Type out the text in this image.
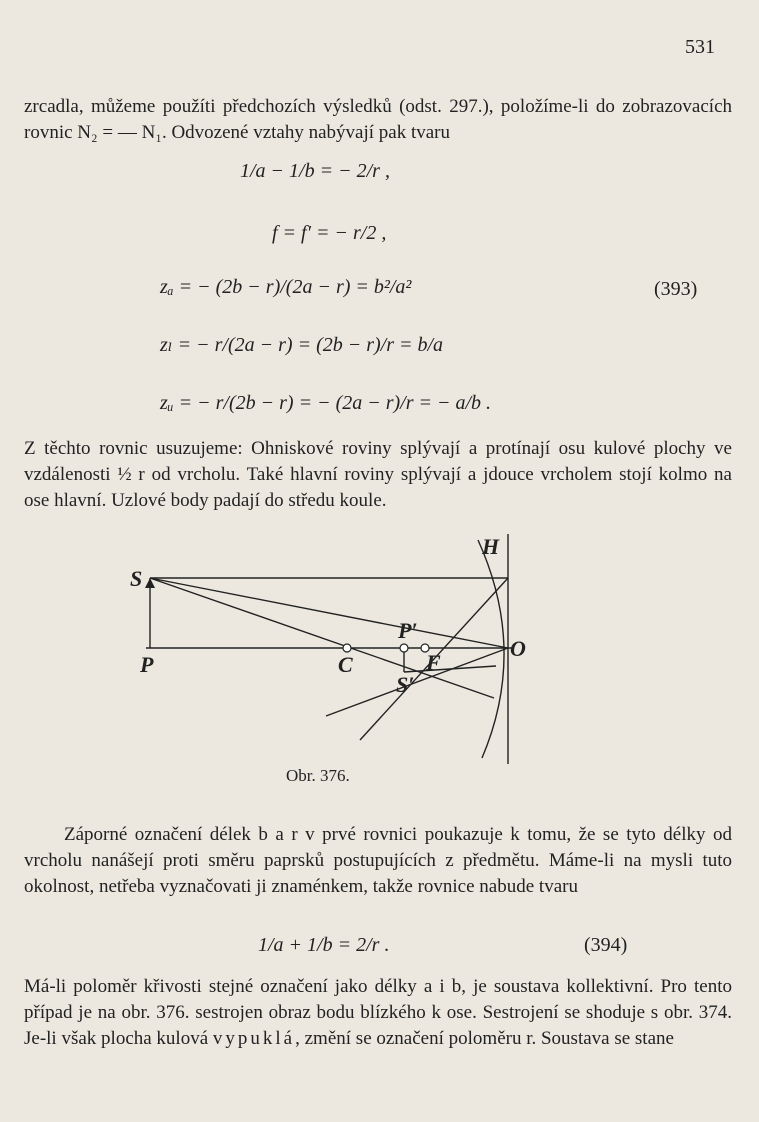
531

zrcadla, můžeme použíti předchozích výsledků (odst. 297.), položíme-li do zobrazovacích rovnic N₂ = — N₁. Odvozené vztahy nabývají pak tvaru

1/a − 1/b = − 2/r ,
f = f′ = − r/2 ,
zₐ = − (2b − r)/(2a − r) = b²/a²
zₗ = − r/(2a − r) = (2b − r)/r = b/a
zᵤ = − r/(2b − r) = − (2a − r)/r = − a/b .
(393)

Z těchto rovnic usuzujeme: Ohniskové roviny splývají a protínají osu kulové plochy ve vzdálenosti ½ r od vrcholu. Také hlavní roviny splývají a jdouce vrcholem stojí kolmo na ose hlavní. Uzlové body padají do středu koule.

S
P	C
P′
F
S′
O
H
Obr. 376.

Záporné označení délek b a r v prvé rovnici poukazuje k tomu, že se tyto délky od vrcholu nanášejí proti směru paprsků postupujících z předmětu. Máme-li na mysli tuto okolnost, netřeba vyznačovati ji znaménkem, takže rovnice nabude tvaru

1/a + 1/b = 2/r .	(394)

Má-li poloměr křivosti stejné označení jako délky a i b, je soustava kollektivní. Pro tento případ je na obr. 376. sestrojen obraz bodu blízkého k ose. Sestrojení se shoduje s obr. 374. Je-li však plocha kulová vypuklá, změní se označení poloměru r. Soustava se stane
